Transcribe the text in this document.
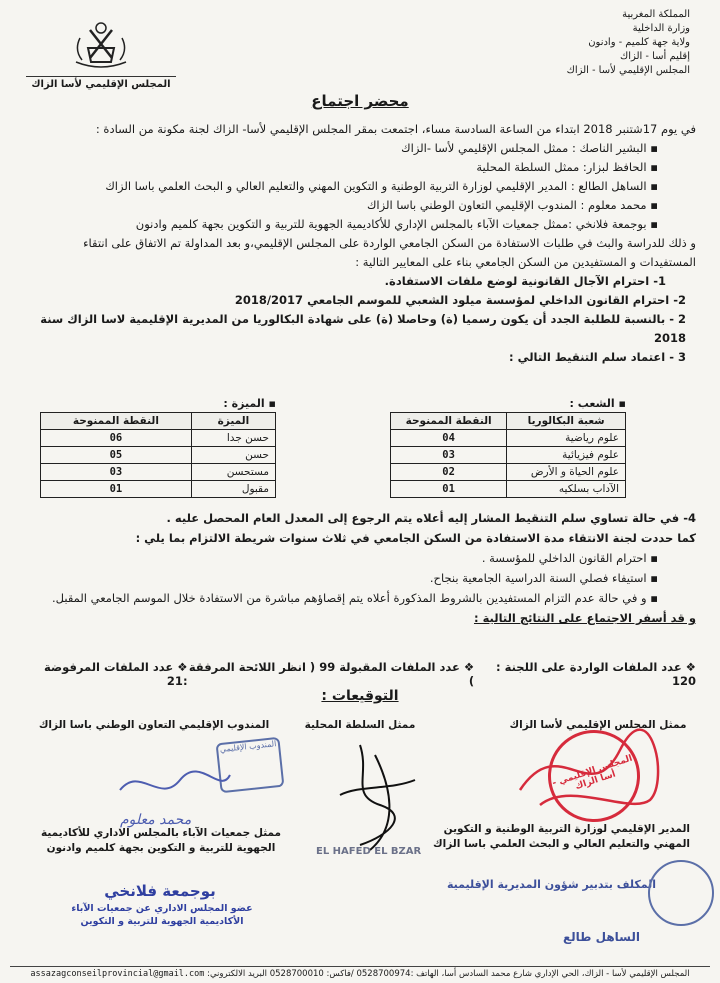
المملكة المغربية
وزارة الداخلية
ولاية جهة كلميم - وادنون
إقليم أسا - الزاك
المجلس الإقليمي لأسا - الزاك
المجلس الإقليمي لأسا الزاك
محضر اجتماع

في يوم 17شتنبر 2018 ابتداء من الساعة السادسة مساء، اجتمعت بمقر المجلس الإقليمي لأسا- الزاك لجنة مكونة من السادة :

▪ البشير الناصك : ممثل المجلس الإقليمي لأسا -الزاك

▪ الحافظ لبزار: ممثل السلطة المحلية

▪ الساهل الطالع : المدير الإقليمي لوزارة التربية الوطنية و التكوين المهني والتعليم العالي و البحث العلمي باسا الزاك

▪ محمد معلوم : المندوب الإقليمي التعاون الوطني باسا الزاك

▪ بوجمعة فلانخي :ممثل جمعيات الآباء بالمجلس الإداري للأكاديمية الجهوية للتربية و التكوين بجهة كلميم وادنون

و ذلك للدراسة والبث في طلبات الاستفادة من السكن الجامعي الواردة على المجلس الإقليمي،و بعد المداولة تم الاتفاق على انتقاء المستفيدات و المستفيدين من السكن الجامعي بناء على المعايير التالية :

1- احترام الآجال القانونية لوضع ملفات الاستفادة.

2- احترام القانون الداخلي لمؤسسة ميلود الشعبي للموسم الجامعي 2018/2017

2 - بالنسبة للطلبة الجدد أن يكون رسميا (ة) وحاصلا (ة) على شهادة البكالوريا من المديرية الإقليمية لاسا الزاك سنة 2018

3 - اعتماد سلم التنقيط التالي :

▪ الشعب :
شعبة البكالوريا	النقطة الممنوحة
علوم رياضية	04
علوم فيزيائية	03
علوم الحياة و الأرض	02
الآداب بسلكيه	01
▪ الميزة :
الميزة	النقطة الممنوحة
حسن جدا	06
حسن	05
مستحسن	03
مقبول	01

4- في حالة تساوي سلم التنقيط المشار إليه أعلاه يتم الرجوع إلى المعدل العام المحصل عليه .

كما حددت لجنة الانتقاء مدة الاستفادة من السكن الجامعي في ثلاث سنوات شريطة الالتزام بما يلي :

▪ احترام القانون الداخلي للمؤسسة .

▪ استيفاء فصلي السنة الدراسية الجامعية بنجاح.

▪ و في حالة عدم التزام المستفيدين بالشروط المذكورة أعلاه يتم إقصاؤهم مباشرة من الاستفادة خلال الموسم الجامعي المقبل.

و قد أسفر الاجتماع على النتائج التالية :

❖ عدد الملفات الواردة على اللجنة : 120
❖ عدد الملفات المقبولة 99 ( انظر اللائحة المرفقة )
❖ عدد الملفات المرفوضة :21
التوقيعات :
ممثل المجلس الإقليمي لأسا الزاك
المجلس الإقليمي - أسا الزاك
ممثل السلطة المحلية
EL HAFED EL BZAR
المندوب الإقليمي التعاون الوطني باسا الزاك
المندوب الإقليمي
محمد معلوم
المدير الإقليمي لوزارة التربية الوطنية و التكوين المهني والتعليم العالي و البحث العلمي باسا الزاك
المكلف بتدبير شؤون المديرية الإقليمية
الساهل طالع
ممثل جمعيات الآباء بالمجلس الاداري للأكاديمية الجهوية للتربية و التكوين بجهة كلميم وادنون
بوجمعة فلانخي
عضو المجلس الاداري عن جمعيات الآباء الأكاديمية الجهوية للتربية و التكوين
المجلس الإقليمي لأسا - الزاك، الحي الإداري شارع محمد السادس أسا، الهاتف :0528700974 /فاكس: 0528700010 البريد الالكتروني: assazagconseilprovincial@gmail.com
